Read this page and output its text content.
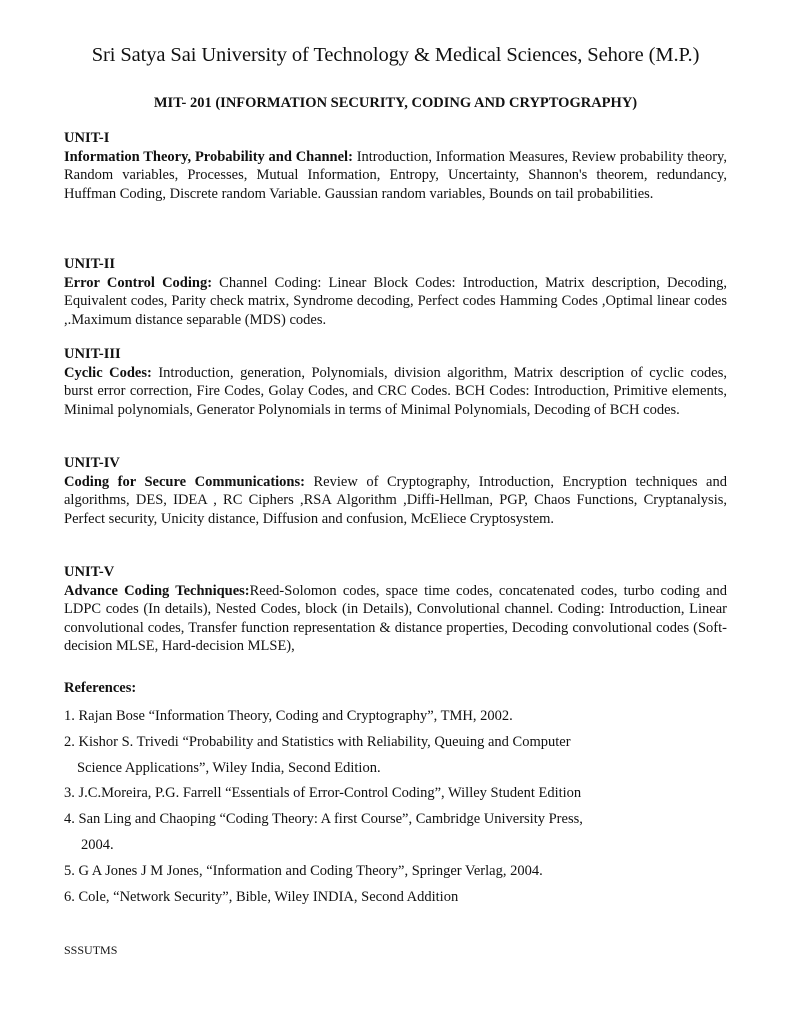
Sri Satya Sai University of Technology & Medical Sciences, Sehore (M.P.)
MIT- 201 (INFORMATION SECURITY, CODING AND CRYPTOGRAPHY)
UNIT-I

Information Theory, Probability and Channel: Introduction, Information Measures, Review probability theory, Random variables, Processes, Mutual Information, Entropy, Uncertainty, Shannon's theorem, redundancy, Huffman Coding, Discrete random Variable. Gaussian random variables, Bounds on tail probabilities.

UNIT-II

Error Control Coding: Channel Coding: Linear Block Codes: Introduction, Matrix description, Decoding, Equivalent codes, Parity check matrix, Syndrome decoding, Perfect codes Hamming Codes ,Optimal linear codes ,.Maximum distance separable (MDS) codes.

UNIT-III

Cyclic Codes: Introduction, generation, Polynomials, division algorithm, Matrix description of cyclic codes, burst error correction, Fire Codes, Golay Codes, and CRC Codes. BCH Codes: Introduction, Primitive elements, Minimal polynomials, Generator Polynomials in terms of Minimal Polynomials, Decoding of BCH codes.

UNIT-IV

Coding for Secure Communications: Review of Cryptography, Introduction, Encryption techniques and algorithms, DES, IDEA , RC Ciphers ,RSA Algorithm ,Diffi-Hellman, PGP, Chaos Functions, Cryptanalysis, Perfect security, Unicity distance, Diffusion and confusion, McEliece Cryptosystem.

UNIT-V

Advance Coding Techniques:Reed-Solomon codes, space time codes, concatenated codes, turbo coding and LDPC codes (In details), Nested Codes, block (in Details), Convolutional channel. Coding: Introduction, Linear convolutional codes, Transfer function representation & distance properties, Decoding convolutional codes (Soft-decision MLSE, Hard-decision MLSE),

References:
1. Rajan Bose “Information Theory, Coding and Cryptography”, TMH, 2002.
2. Kishor S. Trivedi “Probability and Statistics with Reliability, Queuing and Computer
Science Applications”, Wiley India, Second Edition.
3. J.C.Moreira, P.G. Farrell “Essentials of Error-Control Coding”, Willey Student Edition
4. San Ling and Chaoping “Coding Theory: A first Course”, Cambridge University Press,
2004.
5. G A Jones J M Jones, “Information and Coding Theory”, Springer Verlag, 2004.
6. Cole, “Network Security”, Bible, Wiley INDIA, Second Addition
SSSUTMS
